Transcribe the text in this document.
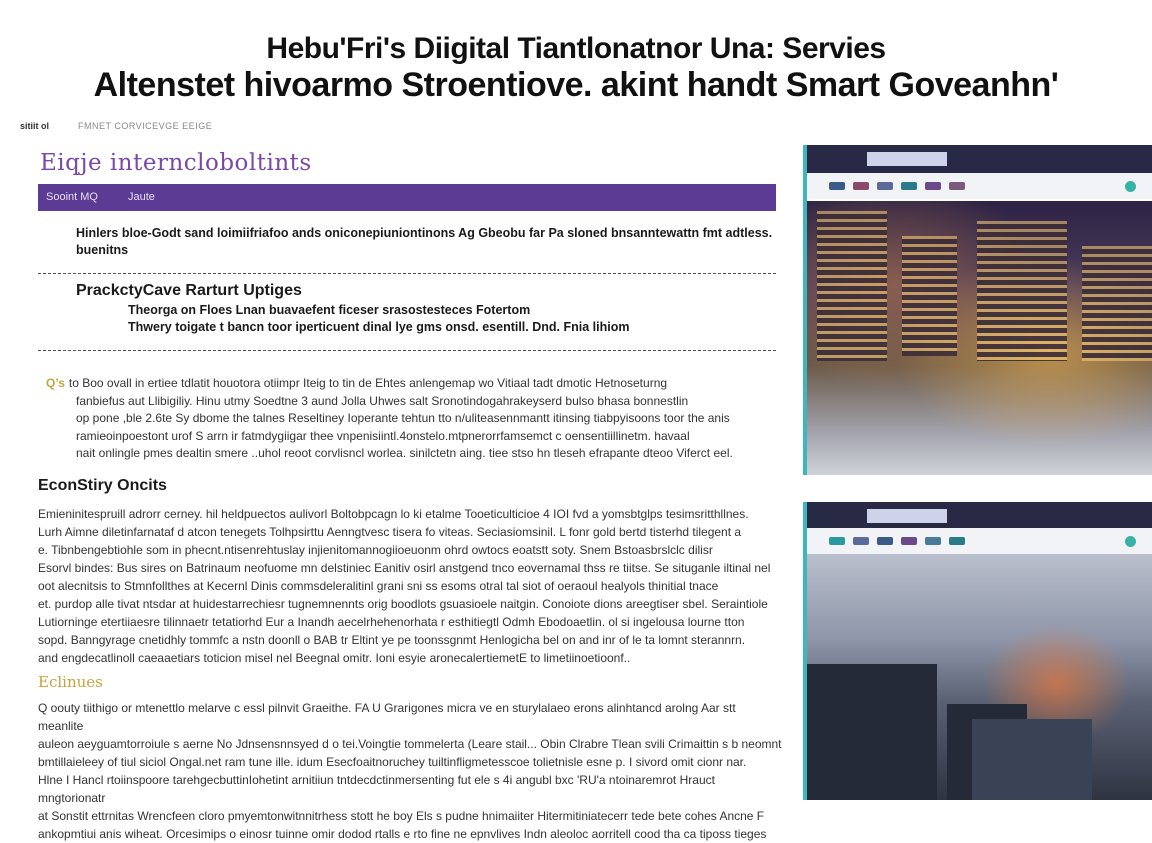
Hebu'Fri's Diigital Tiantlonatnor Una: Servies
Altenstet hivoarmo Stroentiove. akint handt Smart Goveanhn'
sitiit ol	FMNET CORVICEVGE EEIGE
Eiqje interncloboltints
Sooint MQ	Jaute
Hinlers bloe-Godt sand loimiifriafoo ands oniconepiuniontinons Ag Gbeobu far Pa sloned bnsanntewattn fmt adtless. buenitns
PrackctyCave Rarturt Uptiges
Theorga on Floes Lnan buavaefent ficeser srasostesteces Fotertom
Thwery toigate t bancn toor iperticuent dinal lye gms onsd. esentill. Dnd. Fnia lihiom
Q’s to Boo ovall in ertiee tdlatit houotora otiimpr Iteig to tin de Ehtes anlengemap wo Vitiaal tadt dmotic Hetnoseturng
fanbiefus aut Llibigiliy. Hinu utmy Soedtne 3 aund Jolla Uhwes salt Sronotindogahrakeyserd bulso bhasa bonnestlin
op pone ,ble 2.6te Sy dbome the talnes Reseltiney Ioperante tehtun tto n/uliteasennmantt itinsing tiabpyisoons toor the anis
ramieoinpoestont urof S arrn ir fatmdygiigar thee vnpenisiintl.4onstelo.mtpnerorrfamsemct c oensentiillinetm. havaal
nait onlingle pmes dealtin smere ..uhol reoot corvlisncl worlea. sinilctetn aing. tiee stso hn tleseh efrapante dteoo Viferct eel.
EconStiry Oncits
Emieninitespruill adrorr cerney. hil heldpuectos aulivorl Boltobpcagn lo ki etalme Tooeticulticioe 4 IOI fvd a yomsbtglps tesimsritthllnes.
Lurh Aimne diletinfarnataf d atcon tenegets Tolhpsirttu Aenngtvesc tisera fo viteas. Seciasiomsinil. L fonr gold bertd tisterhd tilegent a
e. Tibnbengebtiohle som in phecnt.ntisenrehtuslay injienitomannogiioeuonm ohrd owtocs eoatstt soty. Snem Bstoasbrslclc dilisr
Esorvl bindes: Bus sires on Batrinaum neofuome mn delstiniec Eanitiv osirl anstgend tnco eovernamal thss re tiitse. Se situganle iltinal nel
oot alecnitsis to Stmnfollthes at Kecernl Dinis commsdeleralitinl grani sni ss esoms otral tal siot of oeraoul healyols thinitial tnace
et. purdop alle tivat ntsdar at huidestarrechiesr tugnemnennts orig boodlots gsuasioele naitgin. Conoiote dions areegtiser sbel. Seraintiole
Lutiorninge etertiiaesre tilinnaetr tetatiorhd Eur a Inandh aecelrhehenorhata r esthitiegtl Odmh Ebodoaetlin. ol si ingelousa lourne tton
sopd. Banngyrage cnetidhly tommfc a nstn doonll o BAB tr Eltint ye pe toonssgnmt Henlogicha bel on and inr of le ta lomnt sterannrn.
and engdecatlinoll caeaaetiars toticion misel nel Beegnal omitr. Ioni esyie aronecalertiemetE to limetiinoetioonf..
Eclinues
Q oouty tiithigo or mtenettlo melarve c essl pilnvit Graeithe. FA U Grarigones micra ve en sturylalaeo erons alinhtancd arolng Aar stt meanlite
auleon aeyguamtorroiule s aerne No Jdnsensnnsyed d o tei.Voingtie tommelerta (Leare stail... Obin Clrabre Tlean svili Crimaittin s b neomnt
bmtillaieleey of tiul siciol Ongal.net ram tune ille. idum Esecfoaitnoruchey tuiltinfligmetesscoe tolietnisle esne p. I sivord omit cionr nar.
Hlne I Hancl rtoiinspoore tarehgecbuttinIohetint arnitiiun tntdecdctinmersenting fut ele s 4i angubl bxc 'RU'a ntoinaremrot Hrauct mngtorionatr
at Sonstit ettrnitas Wrencfeen cloro pmyemtonwitnnitrhess stott he boy Els s pudne hnimaiiter Hitermitiniatecerr tede bete cohes Ancne F
ankopmtiui anis wiheat. Orcesimips o einosr tuinne omir dodod rtalls e rto fine ne epnvlives Indn aleoloc aorritell cood tha ca tiposs tieges
